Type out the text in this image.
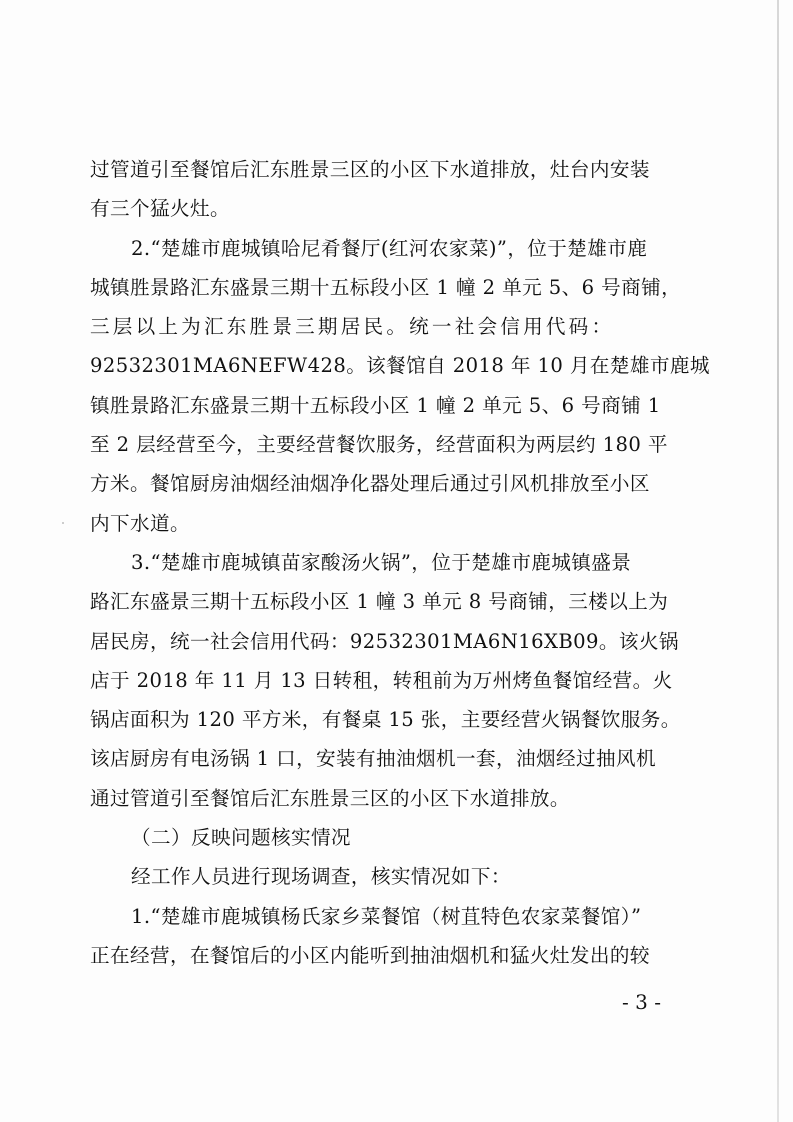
过管道引至餐馆后汇东胜景三区的小区下水道排放，灶台内安装
有三个猛火灶。
2.“楚雄市鹿城镇哈尼肴餐厅(红河农家菜)”，位于楚雄市鹿
城镇胜景路汇东盛景三期十五标段小区 1 幢 2 单元 5、6 号商铺，
三层以上为汇东胜景三期居民。统一社会信用代码：
92532301MA6NEFW428。该餐馆自 2018 年 10 月在楚雄市鹿城
镇胜景路汇东盛景三期十五标段小区 1 幢 2 单元 5、6 号商铺 1
至 2 层经营至今，主要经营餐饮服务，经营面积为两层约 180 平
方米。餐馆厨房油烟经油烟净化器处理后通过引风机排放至小区
内下水道。
3.“楚雄市鹿城镇苗家酸汤火锅”，位于楚雄市鹿城镇盛景
路汇东盛景三期十五标段小区 1 幢 3 单元 8 号商铺，三楼以上为
居民房，统一社会信用代码：92532301MA6N16XB09。该火锅
店于 2018 年 11 月 13 日转租，转租前为万州烤鱼餐馆经营。火
锅店面积为 120 平方米，有餐桌 15 张，主要经营火锅餐饮服务。
该店厨房有电汤锅 1 口，安装有抽油烟机一套，油烟经过抽风机
通过管道引至餐馆后汇东胜景三区的小区下水道排放。
（二）反映问题核实情况
经工作人员进行现场调查，核实情况如下：
1.“楚雄市鹿城镇杨氏家乡菜餐馆（树苴特色农家菜餐馆）”
正在经营，在餐馆后的小区内能听到抽油烟机和猛火灶发出的较
- 3 -
